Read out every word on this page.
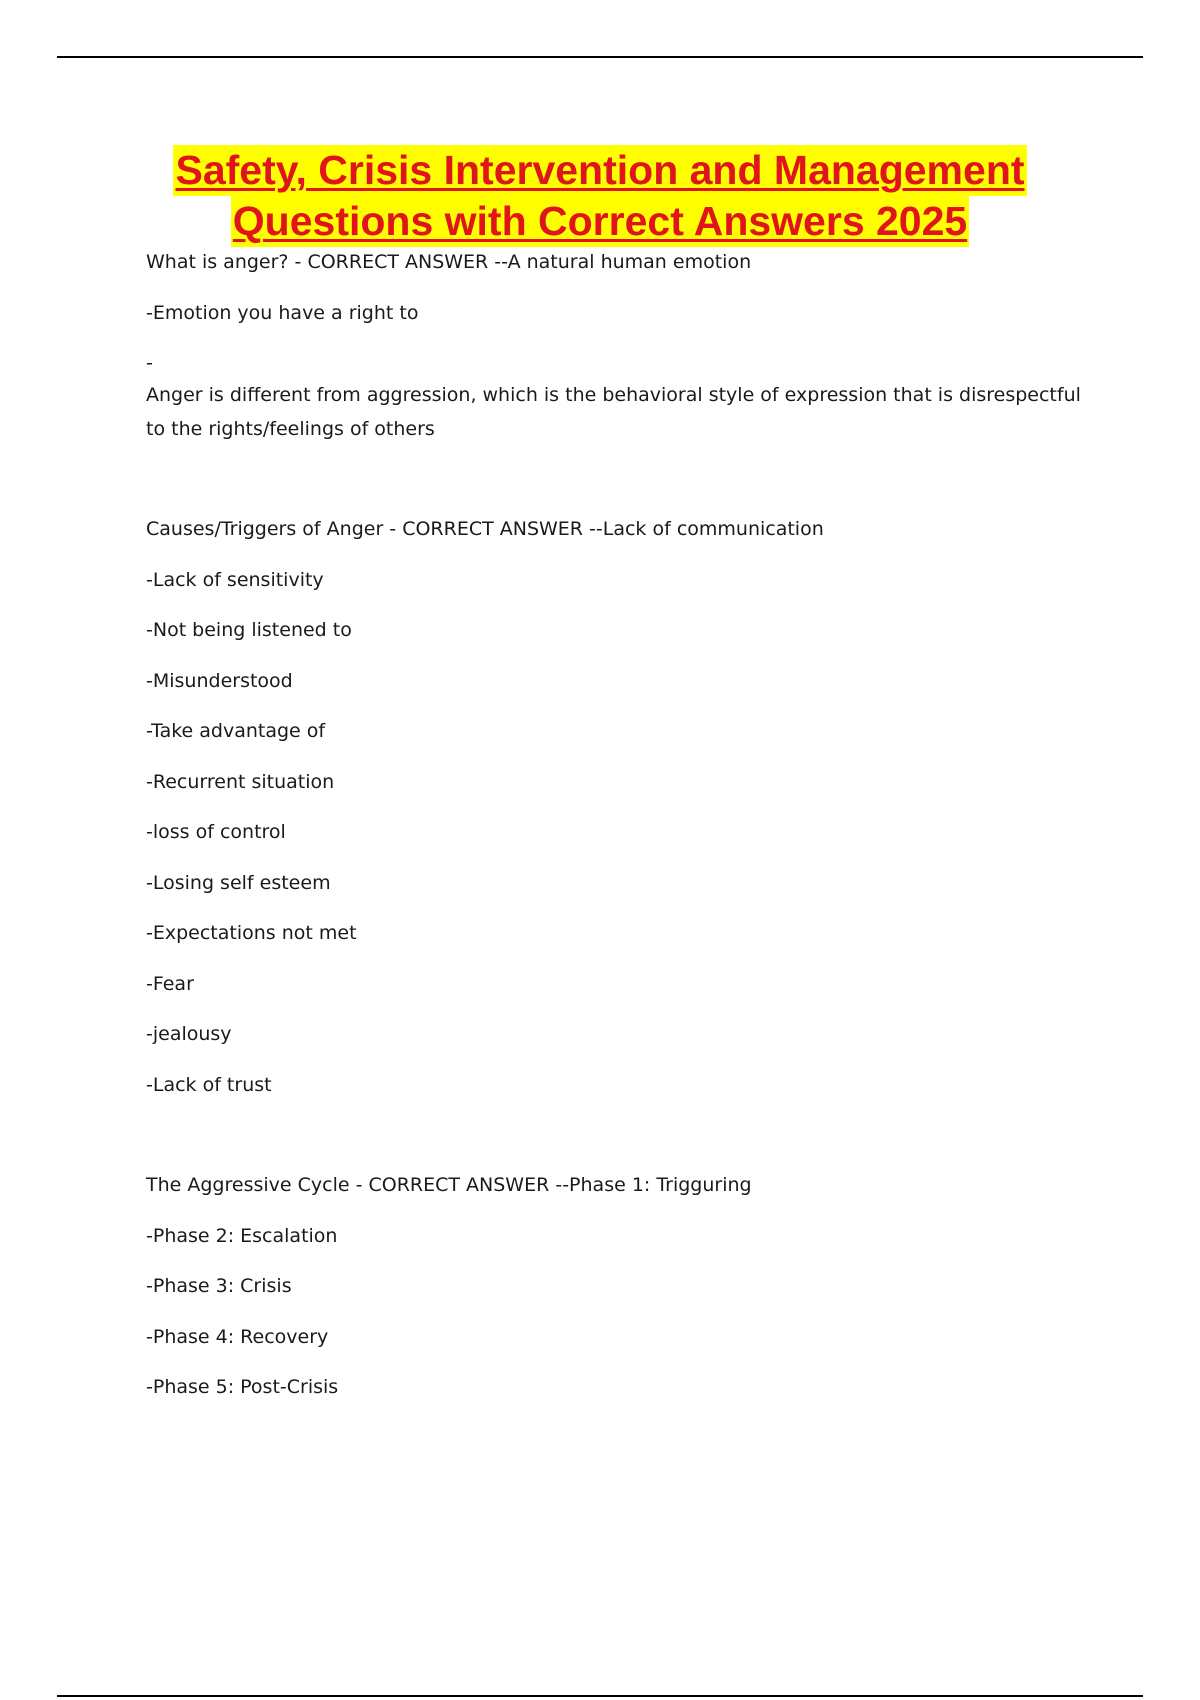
Safety, Crisis Intervention and Management
Questions with Correct Answers 2025
What is anger? - CORRECT ANSWER --A natural human emotion
-Emotion you have a right to
-
Anger is different from aggression, which is the behavioral style of expression that is disrespectful to the rights/feelings of others
Causes/Triggers of Anger - CORRECT ANSWER --Lack of communication
-Lack of sensitivity
-Not being listened to
-Misunderstood
-Take advantage of
-Recurrent situation
-loss of control
-Losing self esteem
-Expectations not met
-Fear
-jealousy
-Lack of trust
The Aggressive Cycle - CORRECT ANSWER --Phase 1: Trigguring
-Phase 2: Escalation
-Phase 3: Crisis
-Phase 4: Recovery
-Phase 5: Post-Crisis
